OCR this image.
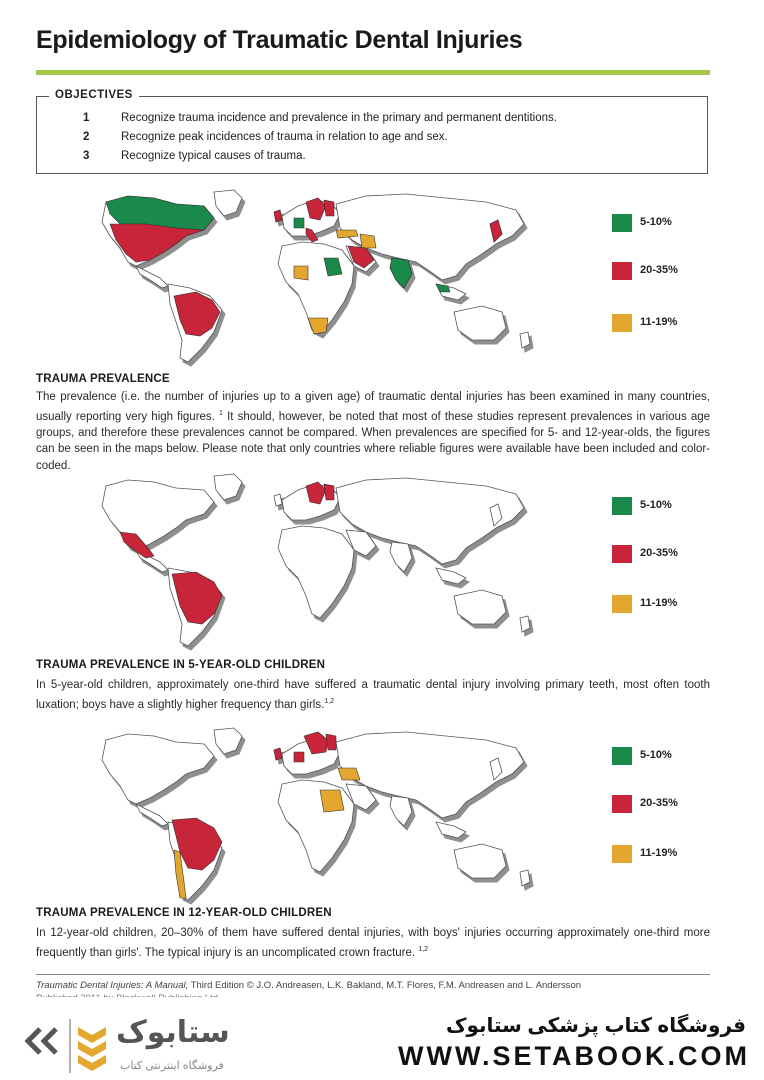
Epidemiology of Traumatic Dental Injuries
OBJECTIVES
1	Recognize trauma incidence and prevalence in the primary and permanent dentitions.
2	Recognize peak incidences of trauma in relation to age and sex.
3	Recognize typical causes of trauma.
5-10%
20-35%
11-19%
TRAUMA PREVALENCE

The prevalence (i.e. the number of injuries up to a given age) of traumatic dental injuries has been examined in many countries, usually reporting very high figures. $^1$ It should, however, be noted that most of these studies represent prevalences in various age groups, and therefore these prevalences cannot be compared. When prevalences are specified for 5- and 12-year-olds, the figures can be seen in the maps below. Please note that only countries where reliable figures were available have been included and color-coded.

5-10%
20-35%
11-19%
TRAUMA PREVALENCE IN 5-YEAR-OLD CHILDREN

In 5-year-old children, approximately one-third have suffered a traumatic dental injury involving primary teeth, most often tooth luxation; boys have a slightly higher frequency than girls.$^{1,2}$

5-10%
20-35%
11-19%
TRAUMA PREVALENCE IN 12-YEAR-OLD CHILDREN

In 12-year-old children, 20–30% of them have suffered dental injuries, with boys' injuries occurring approximately one-third more frequently than girls'. The typical injury is an uncomplicated crown fracture. $^{1,2}$

Traumatic Dental Injuries: A Manual, Third Edition © J.O. Andreasen, L.K. Bakland, M.T. Flores, F.M. Andreasen and L. Andersson
ستابوک
فروشگاه اینترنتی کتاب
فروشگاه کتاب پزشکی ستابوک
WWW.SETABOOK.COM
